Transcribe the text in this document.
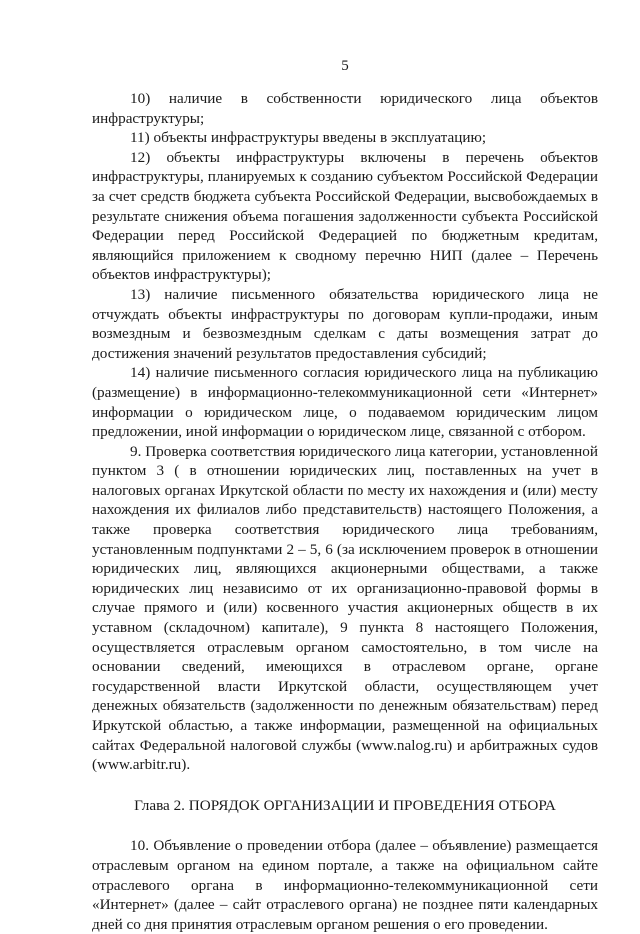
5

10) наличие в собственности юридического лица объектов инфраструктуры;

11) объекты инфраструктуры введены в эксплуатацию;

12) объекты инфраструктуры включены в перечень объектов инфраструктуры, планируемых к созданию субъектом Российской Федерации за счет средств бюджета субъекта Российской Федерации, высвобождаемых в результате снижения объема погашения задолженности субъекта Российской Федерации перед Российской Федерацией по бюджетным кредитам, являющийся приложением к сводному перечню НИП (далее – Перечень объектов инфраструктуры);

13) наличие письменного обязательства юридического лица не отчуждать объекты инфраструктуры по договорам купли-продажи, иным возмездным и безвозмездным сделкам с даты возмещения затрат до достижения значений результатов предоставления субсидий;

14) наличие письменного согласия юридического лица на публикацию (размещение) в информационно-телекоммуникационной сети «Интернет» информации о юридическом лице, о подаваемом юридическим лицом предложении, иной информации о юридическом лице, связанной с отбором.

9. Проверка соответствия юридического лица категории, установленной пунктом 3 ( в отношении юридических лиц, поставленных на учет в налоговых органах Иркутской области по месту их нахождения и (или) месту нахождения их филиалов либо представительств) настоящего Положения, а также проверка соответствия юридического лица требованиям, установленным подпунктами 2 – 5, 6 (за исключением проверок в отношении юридических лиц, являющихся акционерными обществами, а также юридических лиц независимо от их организационно-правовой формы в случае прямого и (или) косвенного участия акционерных обществ в их уставном (складочном) капитале), 9 пункта 8 настоящего Положения, осуществляется отраслевым органом самостоятельно, в том числе на основании сведений, имеющихся в отраслевом органе, органе государственной власти Иркутской области, осуществляющем учет денежных обязательств (задолженности по денежным обязательствам) перед Иркутской областью, а также информации, размещенной на официальных сайтах Федеральной налоговой службы (www.nalog.ru) и арбитражных судов (www.arbitr.ru).

Глава 2. ПОРЯДОК ОРГАНИЗАЦИИ И ПРОВЕДЕНИЯ ОТБОРА

10. Объявление о проведении отбора (далее – объявление) размещается отраслевым органом на едином портале, а также на официальном сайте отраслевого органа в информационно-телекоммуникационной сети «Интернет» (далее – сайт отраслевого органа) не позднее пяти календарных дней со дня принятия отраслевым органом решения о его проведении.
